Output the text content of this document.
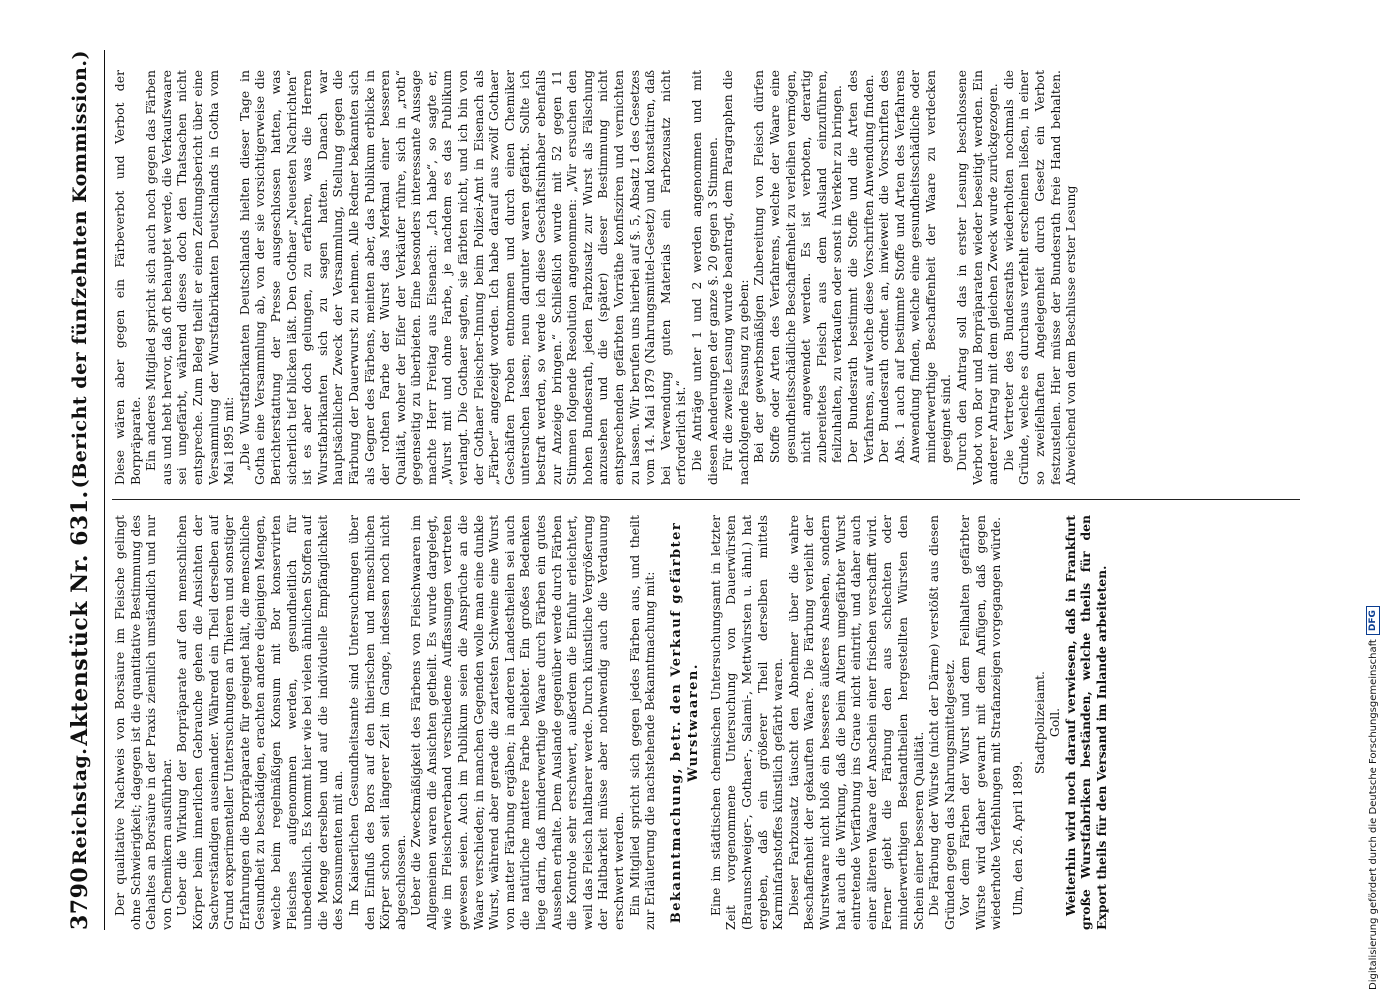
3790
Reichstag.
Aktenstück Nr. 631.
(Bericht der fünfzehnten Kommission.)

Der qualitative Nachweis von Borsäure im Fleische gelingt ohne Schwierigkeit; dagegen ist die quantitative Bestimmung des Gehaltes an Borsäure in der Praxis ziemlich umständlich und nur von Chemikern ausführbar. Ueber die Wirkung der Borpräparate auf den menschlichen Körper beim innerlichen Gebrauche gehen die Ansichten der Sachverständigen auseinander. Während ein Theil derselben auf Grund experimenteller Untersuchungen an Thieren und sonstiger Erfahrungen die Borpräparate für geeignet hält, die menschliche Gesundheit zu beschädigen, erachten andere diejenigen Mengen, welche beim regelmäßigen Konsum mit Bor konservirten Fleisches aufgenommen werden, gesundheitlich für unbedenklich. Es kommt hier wie bei vielen ähnlichen Stoffen auf die Menge derselben und auf die individuelle Empfänglichkeit des Konsumenten mit an. Im Kaiserlichen Gesundheitsamte sind Untersuchungen über den Einfluß des Bors auf den thierischen und menschlichen Körper schon seit längerer Zeit im Gange, indessen noch nicht abgeschlossen. Ueber die Zweckmäßigkeit des Färbens von Fleischwaaren im Allgemeinen waren die Ansichten getheilt. Es wurde dargelegt, wie im Fleischerverband verschiedene Auffassungen vertreten gewesen seien. Auch im Publikum seien die Ansprüche an die Waare verschieden; in manchen Gegenden wolle man eine dunkle Wurst, während aber gerade die zartesten Schweine eine Wurst von matter Färbung ergäben; in anderen Landestheilen sei auch die natürliche mattere Farbe beliebter. Ein großes Bedenken liege darin, daß minderwerthige Waare durch Färben ein gutes Aussehen erhalte. Dem Auslande gegenüber werde durch Färben die Kontrole sehr erschwert, außerdem die Einfuhr erleichtert, weil das Fleisch haltbarer werde. Durch künstliche Vergrößerung der Haltbarkeit müsse aber nothwendig auch die Verdauung erschwert werden. Ein Mitglied spricht sich gegen jedes Färben aus, und theilt zur Erläuterung die nachstehende Bekanntmachung mit: Bekanntmachung, betr. den Verkauf gefärbter Wurstwaaren. Eine im städtischen chemischen Untersuchungsamt in letzter Zeit vorgenommene Untersuchung von Dauerwürsten (Braunschweiger-, Gothaer-, Salami-, Mettwürsten u. ähnl.) hat ergeben, daß ein größerer Theil derselben mittels Karminfarbstoffes künstlich gefärbt waren. Dieser Farbzusatz täuscht den Abnehmer über die wahre Beschaffenheit der gekauften Waare. Die Färbung verleiht der Wurstwaare nicht bloß ein besseres äußeres Ansehen, sondern hat auch die Wirkung, daß die beim Altern umgefärbter Wurst eintretende Verfärbung ins Graue nicht eintritt, und daher auch einer älteren Waare der Anschein einer frischen verschafft wird. Ferner giebt die Färbung den aus schlechten oder minderwerthigen Bestandtheilen hergestellten Würsten den Schein einer besseren Qualität. Die Färbung der Würste (nicht der Därme) verstößt aus diesen Gründen gegen das Nahrungsmittelgesetz. Vor dem Färben der Wurst und dem Feilhalten gefärbter Würste wird daher gewarnt mit dem Anfügen, daß gegen wiederholte Verfehlungen mit Strafanzeigen vorgegangen würde. Ulm, den 26. April 1899.

Stadtpolizeiamt. Goll. Weiterhin wird noch darauf verwiesen, daß in Frankfurt große Wurstfabriken beständen, welche theils für den Export theils für den Versand im Inlande arbeiteten.

Diese wären aber gegen ein Färbeverbot und Verbot der Borpräparate. Ein anderes Mitglied spricht sich auch noch gegen das Färben aus und hebt hervor, daß oft behauptet werde, die Verkaufswaare sei ungefärbt, während dieses doch den Thatsachen nicht entspreche. Zum Beleg theilt er einen Zeitungsbericht über eine Versammlung der Wurstfabrikanten Deutschlands in Gotha vom Mai 1895 mit: „Die Wurstfabrikanten Deutschlands hielten dieser Tage in Gotha eine Versammlung ab, von der sie vorsichtigerweise die Berichterstattung der Presse ausgeschlossen hatten, was sicherlich tief blicken läßt. Den Gothaer „Neuesten Nachrichten“ ist es aber doch gelungen, zu erfahren, was die Herren Wurstfabrikanten sich zu sagen hatten. Danach war hauptsächlicher Zweck der Versammlung, Stellung gegen die Färbung der Dauerwurst zu nehmen. Alle Redner bekannten sich als Gegner des Färbens, meinten aber, das Publikum erblicke in der rothen Farbe der Wurst das Merkmal einer besseren Qualität, woher der Eifer der Verkäufer rühre, sich in „roth“ gegenseitig zu überbieten. Eine besonders interessante Aussage machte Herr Freitag aus Eisenach: „Ich habe“, so sagte er, „Wurst mit und ohne Farbe, je nachdem es das Publikum verlangt. Die Gothaer sagten, sie färbten nicht, und ich bin von der Gothaer Fleischer-Innung beim Polizei-Amt in Eisenach als „Färber“ angezeigt worden. Ich habe darauf aus zwölf Gothaer Geschäften Proben entnommen und durch einen Chemiker untersuchen lassen; neun darunter waren gefärbt. Sollte ich bestraft werden, so werde ich diese Geschäftsinhaber ebenfalls zur Anzeige bringen.“ Schließlich wurde mit 52 gegen 11 Stimmen folgende Resolution angenommen: „Wir ersuchen den hohen Bundesrath, jeden Farbzusatz zur Wurst als Fälschung anzusehen und die (später) dieser Bestimmung nicht entsprechenden gefärbten Vorräthe konfisziren und vernichten zu lassen. Wir berufen uns hierbei auf §. 5, Absatz 1 des Gesetzes vom 14. Mai 1879 (Nahrungsmittel-Gesetz) und konstatiren, daß bei Verwendung guten Materials ein Farbezusatz nicht erforderlich ist.“ Die Anträge unter 1 und 2 werden angenommen und mit diesen Aenderungen der ganze §. 20 gegen 3 Stimmen. Für die zweite Lesung wurde beantragt, dem Paragraphen die nachfolgende Fassung zu geben: Bei der gewerbsmäßigen Zubereitung von Fleisch dürfen Stoffe oder Arten des Verfahrens, welche der Waare eine gesundheitsschädliche Beschaffenheit zu verleihen vermögen, nicht angewendet werden. Es ist verboten, derartig zubereitetes Fleisch aus dem Ausland einzuführen, feilzuhalten, zu verkaufen oder sonst in Verkehr zu bringen. Der Bundesrath bestimmt die Stoffe und die Arten des Verfahrens, auf welche diese Vorschriften Anwendung finden. Der Bundesrath ordnet an, inwieweit die Vorschriften des Abs. 1 auch auf bestimmte Stoffe und Arten des Verfahrens Anwendung finden, welche eine gesundheitsschädliche oder minderwerthige Beschaffenheit der Waare zu verdecken geeignet sind. Durch den Antrag soll das in erster Lesung beschlossene Verbot von Bor und Borpräparaten wieder beseitigt werden. Ein anderer Antrag mit dem gleichen Zweck wurde zurückgezogen. Die Vertreter des Bundesraths wiederholten nochmals die Gründe, welche es durchaus verfehlt erscheinen ließen, in einer so zweifelhaften Angelegenheit durch Gesetz ein Verbot festzustellen. Hier müsse der Bundesrath freie Hand behalten. Abweichend von dem Beschlusse erster Lesung

Digitalisierung gefördert durch die Deutsche Forschungsgemeinschaft
DFG
